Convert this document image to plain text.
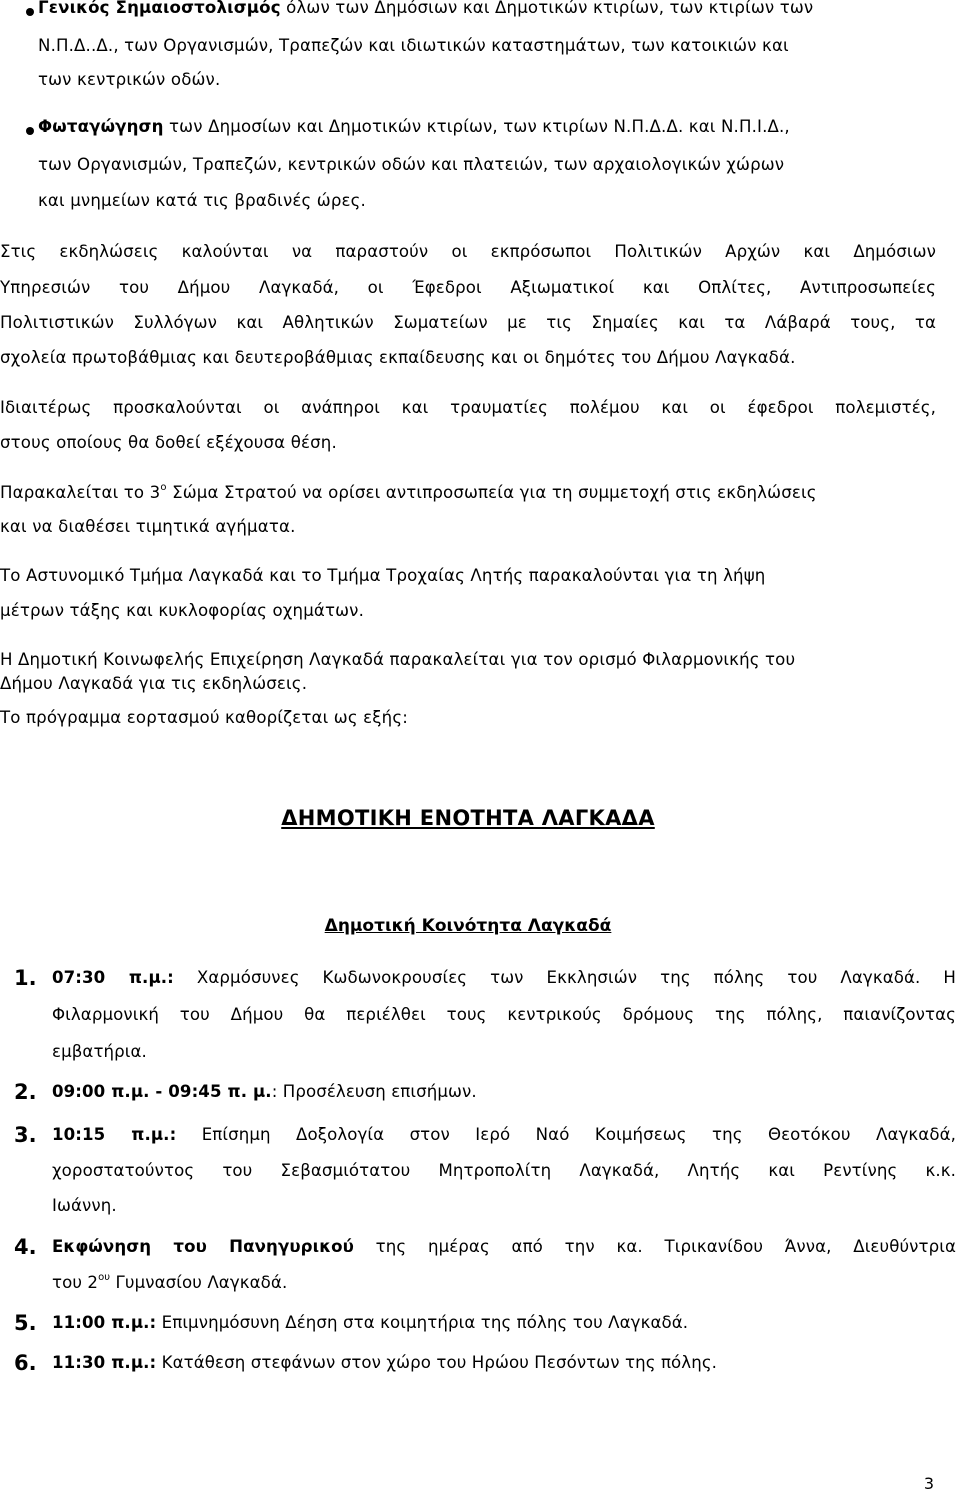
Γενικός Σημαιοστολισμός όλων των Δημόσιων και Δημοτικών κτιρίων, των κτιρίων των
Ν.Π.Δ..Δ., των Οργανισμών, Τραπεζών και ιδιωτικών καταστημάτων, των κατοικιών και
των κεντρικών οδών.
Φωταγώγηση των Δημοσίων και Δημοτικών κτιρίων, των κτιρίων Ν.Π.Δ.Δ. και Ν.Π.Ι.Δ.,
των Οργανισμών, Τραπεζών, κεντρικών οδών και πλατειών, των αρχαιολογικών χώρων
και μνημείων κατά τις βραδινές ώρες.
Στις εκδηλώσεις καλούνται να παραστούν οι εκπρόσωποι Πολιτικών Αρχών και Δημόσιων
Υπηρεσιών του Δήμου Λαγκαδά, οι Έφεδροι Αξιωματικοί και Οπλίτες, Αντιπροσωπείες
Πολιτιστικών Συλλόγων και Αθλητικών Σωματείων με τις Σημαίες και τα Λάβαρά τους, τα
σχολεία πρωτοβάθμιας και δευτεροβάθμιας εκπαίδευσης και οι δημότες του Δήμου Λαγκαδά.
Ιδιαιτέρως προσκαλούνται οι ανάπηροι και τραυματίες πολέμου και οι έφεδροι πολεμιστές,
στους οποίους θα δοθεί εξέχουσα θέση.
Παρακαλείται το $3^o$ Σώμα Στρατού να ορίσει αντιπροσωπεία για τη συμμετοχή στις εκδηλώσεις
και να διαθέσει τιμητικά αγήματα.
Το Αστυνομικό Τμήμα Λαγκαδά και το Τμήμα Τροχαίας Λητής παρακαλούνται για τη λήψη
μέτρων τάξης και κυκλοφορίας οχημάτων.
Η Δημοτική Κοινωφελής Επιχείρηση Λαγκαδά παρακαλείται για τον ορισμό Φιλαρμονικής του
Δήμου Λαγκαδά για τις εκδηλώσεις.
Το πρόγραμμα εορτασμού καθορίζεται ως εξής:
ΔΗΜΟΤΙΚΗ ΕΝΟΤΗΤΑ ΛΑΓΚΑΔΑ
Δημοτική Κοινότητα Λαγκαδά
1. 07:30 π.μ.: Χαρμόσυνες Κωδωνοκρουσίες των Εκκλησιών της πόλης του Λαγκαδά. Η
Φιλαρμονική του Δήμου θα περιέλθει τους κεντρικούς δρόμους της πόλης, παιανίζοντας
εμβατήρια.
2. 09:00 π.μ. - 09:45 π. μ.: Προσέλευση επισήμων.
3. 10:15 π.μ.: Επίσημη Δοξολογία στον Ιερό Ναό Κοιμήσεως της Θεοτόκου Λαγκαδά,
χοροστατούντος του Σεβασμιότατου Μητροπολίτη Λαγκαδά, Λητής και Ρεντίνης κ.κ.
Ιωάννη.
4. Εκφώνηση του Πανηγυρικού της ημέρας από την κα. Τιρικανίδου Άννα, Διευθύντρια
του $2^{o\upsilon}$ Γυμνασίου Λαγκαδά.
5. 11:00 π.μ.: Επιμνημόσυνη Δέηση στα κοιμητήρια της πόλης του Λαγκαδά.
6. 11:30 π.μ.: Κατάθεση στεφάνων στον χώρο του Ηρώου Πεσόντων της πόλης.
3
